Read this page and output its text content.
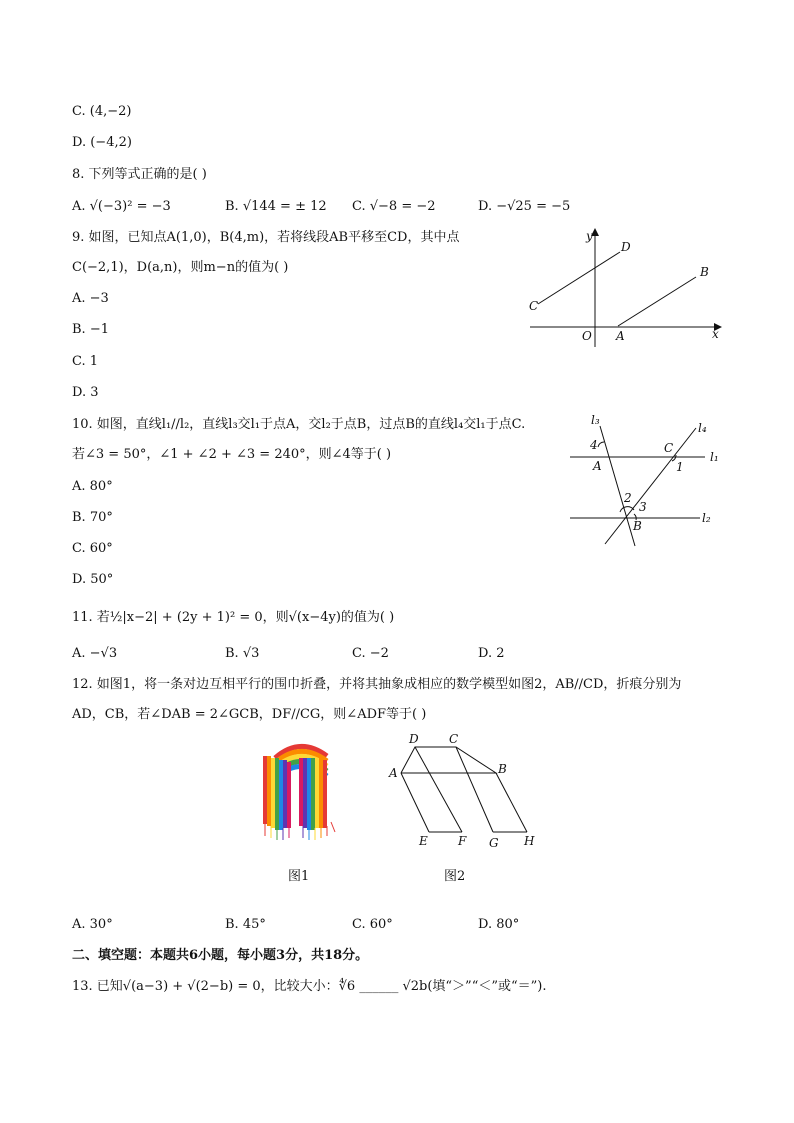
C. (4,−2)
D. (−4,2)
8. 下列等式正确的是( )
A. √(−3)² = −3	B. √144 = ± 12 C. √−8 = −2	D. −√25 = −5
9. 如图，已知点A(1,0)，B(4,m)，若将线段AB平移至CD，其中点
C(−2,1)，D(a,n)，则m−n的值为( )
A. −3
B. −1
C. 1
D. 3
y
x
O A
B
C
D
10. 如图，直线l₁//l₂，直线l₃交l₁于点A，交l₂于点B，过点B的直线l₄交l₁于点C.
若∠3 = 50°，∠1 + ∠2 + ∠3 = 240°，则∠4等于( )
A. 80°
B. 70°
C. 60°
D. 50°
l₃
l₄
l₁
l₂
4
A
C
1
2
3
B
11. 若½|x−2| + (2y + 1)² = 0，则√(x−4y)的值为( )
A. −√3	B. √3	C. −2	D. 2
12. 如图1，将一条对边互相平行的围巾折叠，并将其抽象成相应的数学模型如图2，AB//CD，折痕分别为
AD，CB，若∠DAB = 2∠GCB，DF//CG，则∠ADF等于( )
D	C
A	B
E	F G H
图1	图2
A. 30°	B. 45°	C. 60°	D. 80°
二、填空题：本题共6小题，每小题3分，共18分。
13. 已知√(a−3) + √(2−b) = 0，比较大小：∜6 ______ √2b(填“＞”“＜”或“＝”).
